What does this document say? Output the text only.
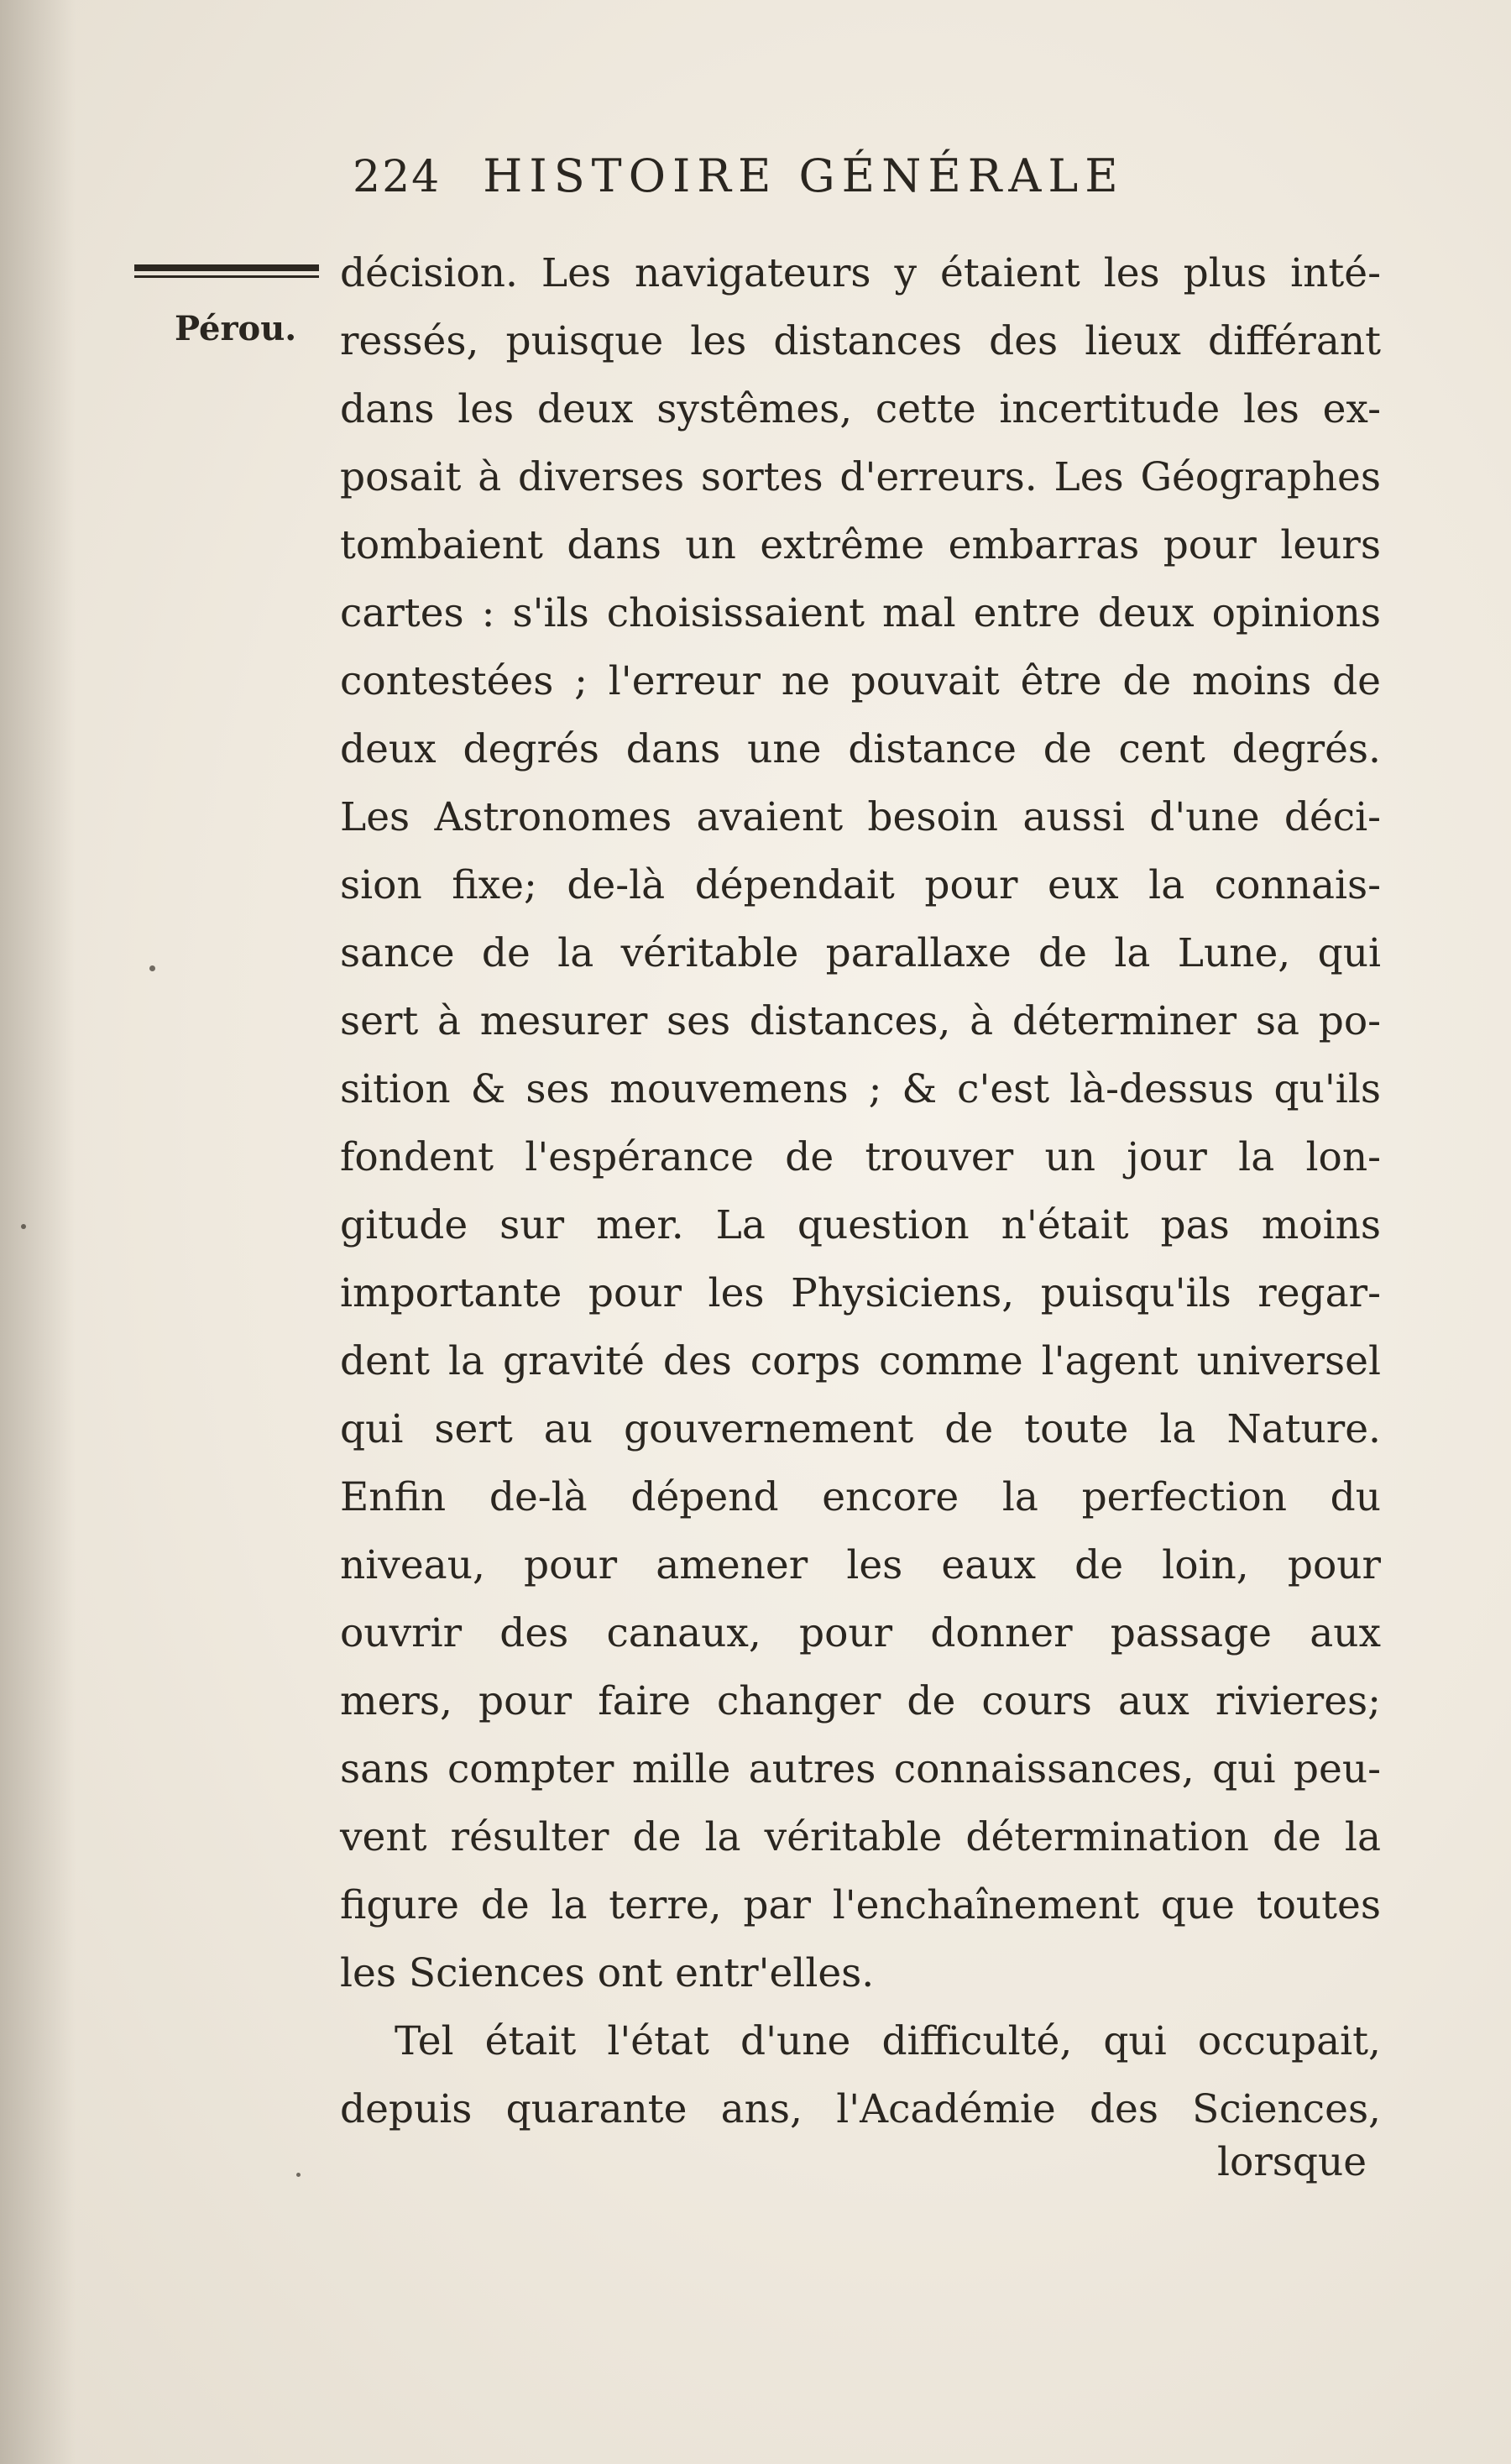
224 HISTOIRE GÉNÉRALE
Pérou.
décision. Les navigateurs y étaient les plus inté-
ressés, puisque les distances des lieux différant
dans les deux systêmes, cette incertitude les ex-
posait à diverses sortes d'erreurs. Les Géographes
tombaient dans un extrême embarras pour leurs
cartes : s'ils choisissaient mal entre deux opinions
contestées ; l'erreur ne pouvait être de moins de
deux degrés dans une distance de cent degrés.
Les Astronomes avaient besoin aussi d'une déci-
sion fixe; de-là dépendait pour eux la connais-
sance de la véritable parallaxe de la Lune, qui
sert à mesurer ses distances, à déterminer sa po-
sition & ses mouvemens ; & c'est là-dessus qu'ils
fondent l'espérance de trouver un jour la lon-
gitude sur mer. La question n'était pas moins
importante pour les Physiciens, puisqu'ils regar-
dent la gravité des corps comme l'agent universel
qui sert au gouvernement de toute la Nature.
Enfin de-là dépend encore la perfection du
niveau, pour amener les eaux de loin, pour
ouvrir des canaux, pour donner passage aux
mers, pour faire changer de cours aux rivieres;
sans compter mille autres connaissances, qui peu-
vent résulter de la véritable détermination de la
figure de la terre, par l'enchaînement que toutes
les Sciences ont entr'elles.
Tel était l'état d'une difficulté, qui occupait,
depuis quarante ans, l'Académie des Sciences,
lorsque
